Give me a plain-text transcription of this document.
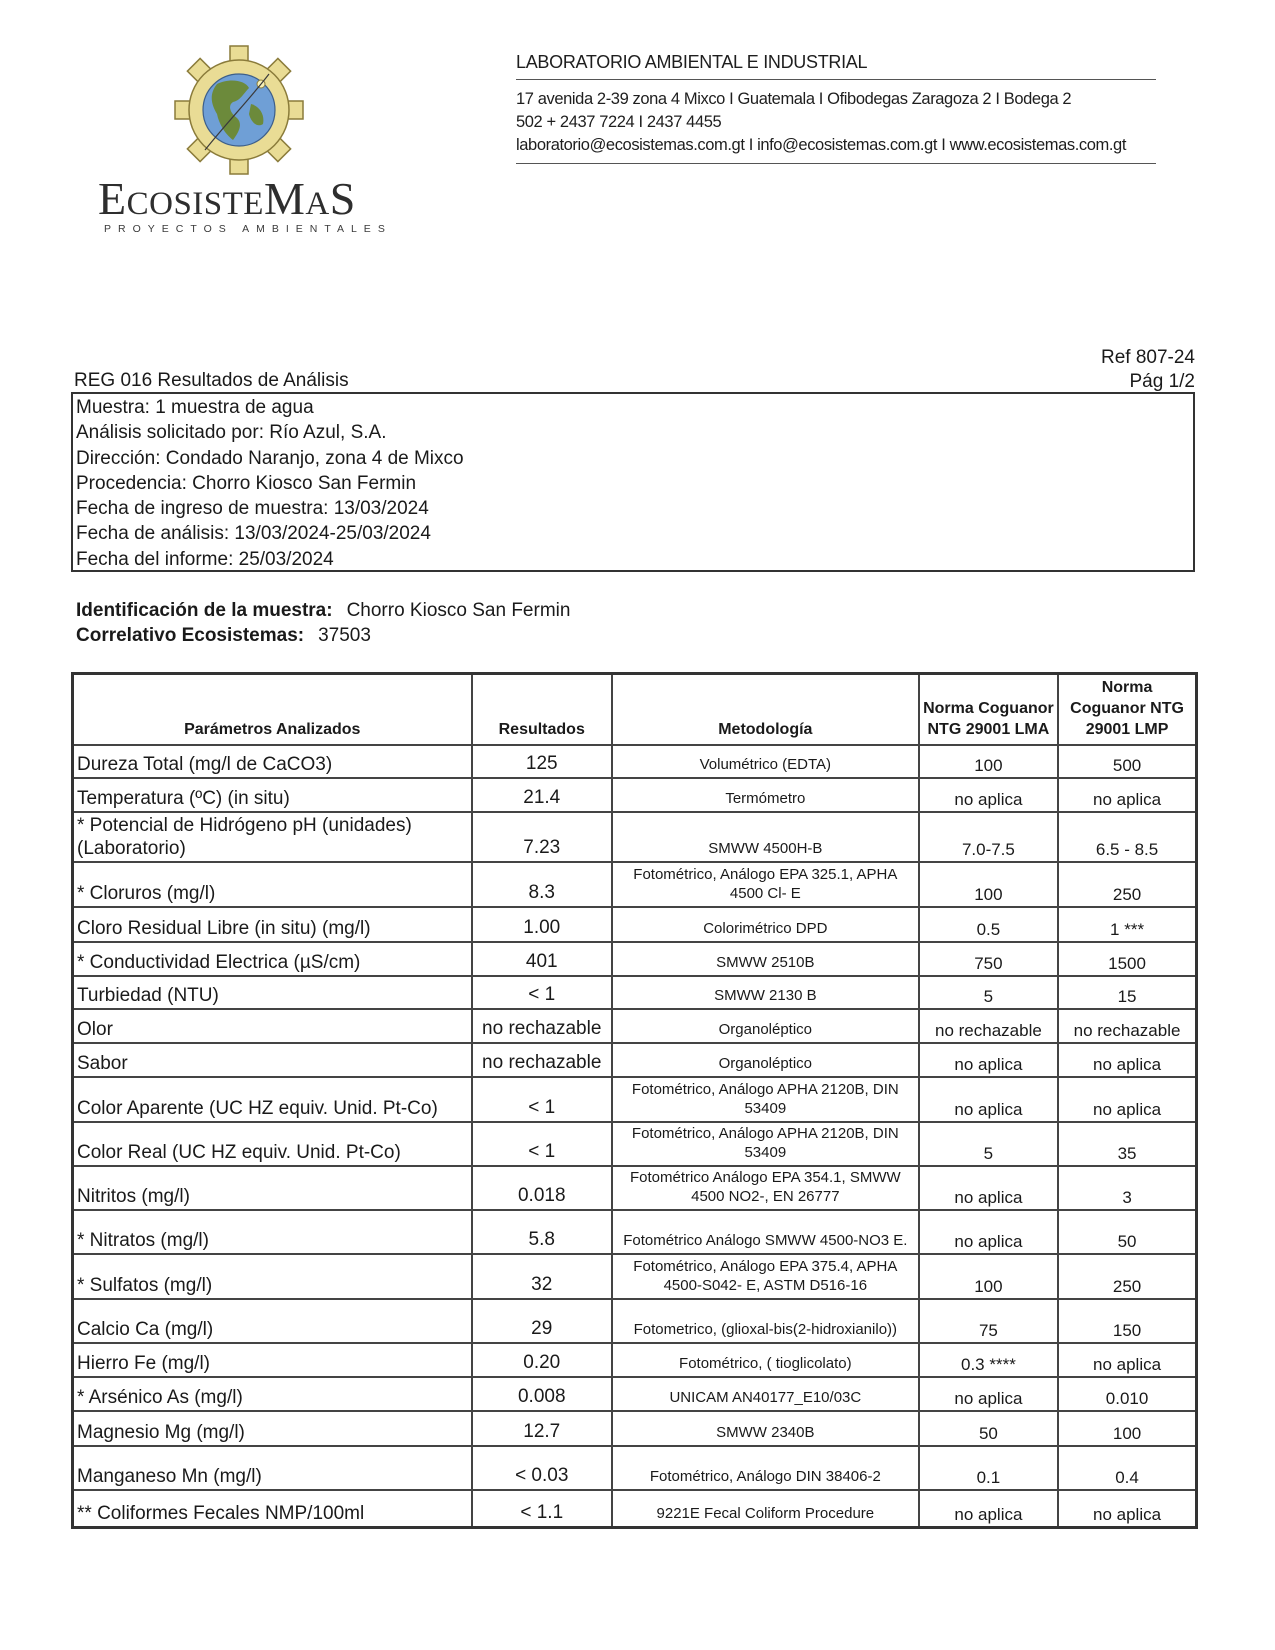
ECOSISTEMAS
PROYECTOS AMBIENTALES
LABORATORIO AMBIENTAL E INDUSTRIAL
17 avenida 2-39 zona 4 Mixco I Guatemala I Ofibodegas Zaragoza 2 I Bodega 2
502 + 2437 7224 I 2437 4455
laboratorio@ecosistemas.com.gt I info@ecosistemas.com.gt I www.ecosistemas.com.gt
Ref 807-24
Pág 1/2
REG 016 Resultados de Análisis
Muestra: 1 muestra de agua
Análisis solicitado por: Río Azul, S.A.
Dirección: Condado Naranjo, zona 4 de Mixco
Procedencia: Chorro Kiosco San Fermin
Fecha de ingreso de muestra: 13/03/2024
Fecha de análisis: 13/03/2024-25/03/2024
Fecha del informe: 25/03/2024
Identificación de la muestra: Chorro Kiosco San Fermin
Correlativo Ecosistemas: 37503
Parámetros Analizados	Resultados	Metodología	Norma Coguanor NTG 29001 LMA	Norma Coguanor NTG 29001 LMP
Dureza Total (mg/l de CaCO3)	125	Volumétrico (EDTA)	100	500
Temperatura (ºC) (in situ)	21.4	Termómetro	no aplica	no aplica
* Potencial de Hidrógeno pH (unidades) (Laboratorio)	7.23	SMWW 4500H-B	7.0-7.5	6.5 - 8.5
* Cloruros (mg/l)	8.3	Fotométrico, Análogo EPA 325.1, APHA 4500 Cl- E	100	250
Cloro Residual Libre (in situ) (mg/l)	1.00	Colorimétrico DPD	0.5	1 ***
* Conductividad Electrica (µS/cm)	401	SMWW 2510B	750	1500
Turbiedad (NTU)	< 1	SMWW 2130 B	5	15
Olor	no rechazable	Organoléptico	no rechazable	no rechazable
Sabor	no rechazable	Organoléptico	no aplica	no aplica
Color Aparente (UC HZ equiv. Unid. Pt-Co)	< 1	Fotométrico, Análogo APHA 2120B, DIN 53409	no aplica	no aplica
Color Real (UC HZ equiv. Unid. Pt-Co)	< 1	Fotométrico, Análogo APHA 2120B, DIN 53409	5	35
Nitritos (mg/l)	0.018	Fotométrico Análogo EPA 354.1, SMWW 4500 NO2-, EN 26777	no aplica	3
* Nitratos (mg/l)	5.8	Fotométrico Análogo SMWW 4500-NO3 E.	no aplica	50
* Sulfatos (mg/l)	32	Fotométrico, Análogo EPA 375.4, APHA 4500-S042- E, ASTM D516-16	100	250
Calcio Ca (mg/l)	29	Fotometrico, (glioxal-bis(2-hidroxianilo))	75	150
Hierro Fe (mg/l)	0.20	Fotométrico, ( tioglicolato)	0.3 ****	no aplica
* Arsénico As (mg/l)	0.008	UNICAM AN40177_E10/03C	no aplica	0.010
Magnesio Mg (mg/l)	12.7	SMWW 2340B	50	100
Manganeso Mn (mg/l)	< 0.03	Fotométrico, Análogo DIN 38406-2	0.1	0.4
** Coliformes Fecales NMP/100ml	< 1.1	9221E Fecal Coliform Procedure	no aplica	no aplica
